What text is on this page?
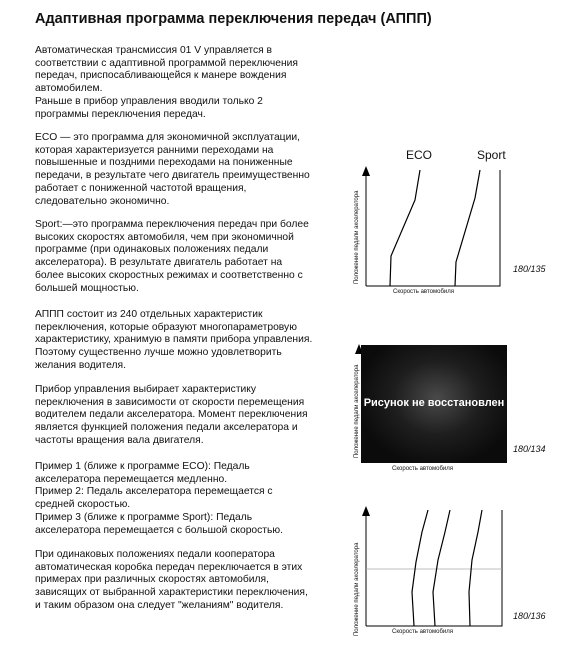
Адаптивная программа переключения передач (АППП)

Автоматическая трансмиссия 01 V управляется в

соответствии с адаптивной программой переключения

передач, приспосабливающейся к манере вождения

автомобилем.

Раньше в прибор управления вводили только 2

программы переключения передач.

ECO — это программа для экономичной эксплуатации,

которая характеризуется ранними переходами на

повышенные и поздними переходами на пониженные

передачи, в результате чего двигатель преимущественно

работает с пониженной частотой вращения,

следовательно экономично.

Sport:—это программа переключения передач при более

высоких скоростях автомобиля, чем при экономичной

программе (при одинаковых положениях педали

акселератора). В результате двигатель работает на

более высоких скоростных режимах и соответственно с

большей мощностью.

АППП состоит из 240 отдельных характеристик

переключения, которые образуют многопараметровую

характеристику, хранимую в памяти прибора управления.

Поэтому существенно лучше можно удовлетворить

желания водителя.

Прибор управления выбирает характеристику

переключения в зависимости от скорости перемещения

водителем педали акселератора. Момент переключения

является функцией положения педали акселератора и

частоты вращения вала двигателя.

Пример 1 (ближе к программе ECO): Педаль

акселератора перемещается медленно.

Пример 2: Педаль акселератора перемещается с

средней скоростью.

Пример 3 (ближе к программе Sport): Педаль

акселератора перемещается с большой скоростью.

При одинаковых положениях педали кооператора

автоматическая коробка передач переключается в этих

примерах при различных скоростях автомобиля,

зависящих от выбранной характеристики переключения,

и таким образом она следует "желаниям" водителя.

ECO	Sport
Положение педали акселератора
Скорость автомобиля
180/135
Рисунок не восстановлен
Положение педали акселератора
Скорость автомобиля
180/134
Положение педали акселератора	Скорость автомобиля
180/136
